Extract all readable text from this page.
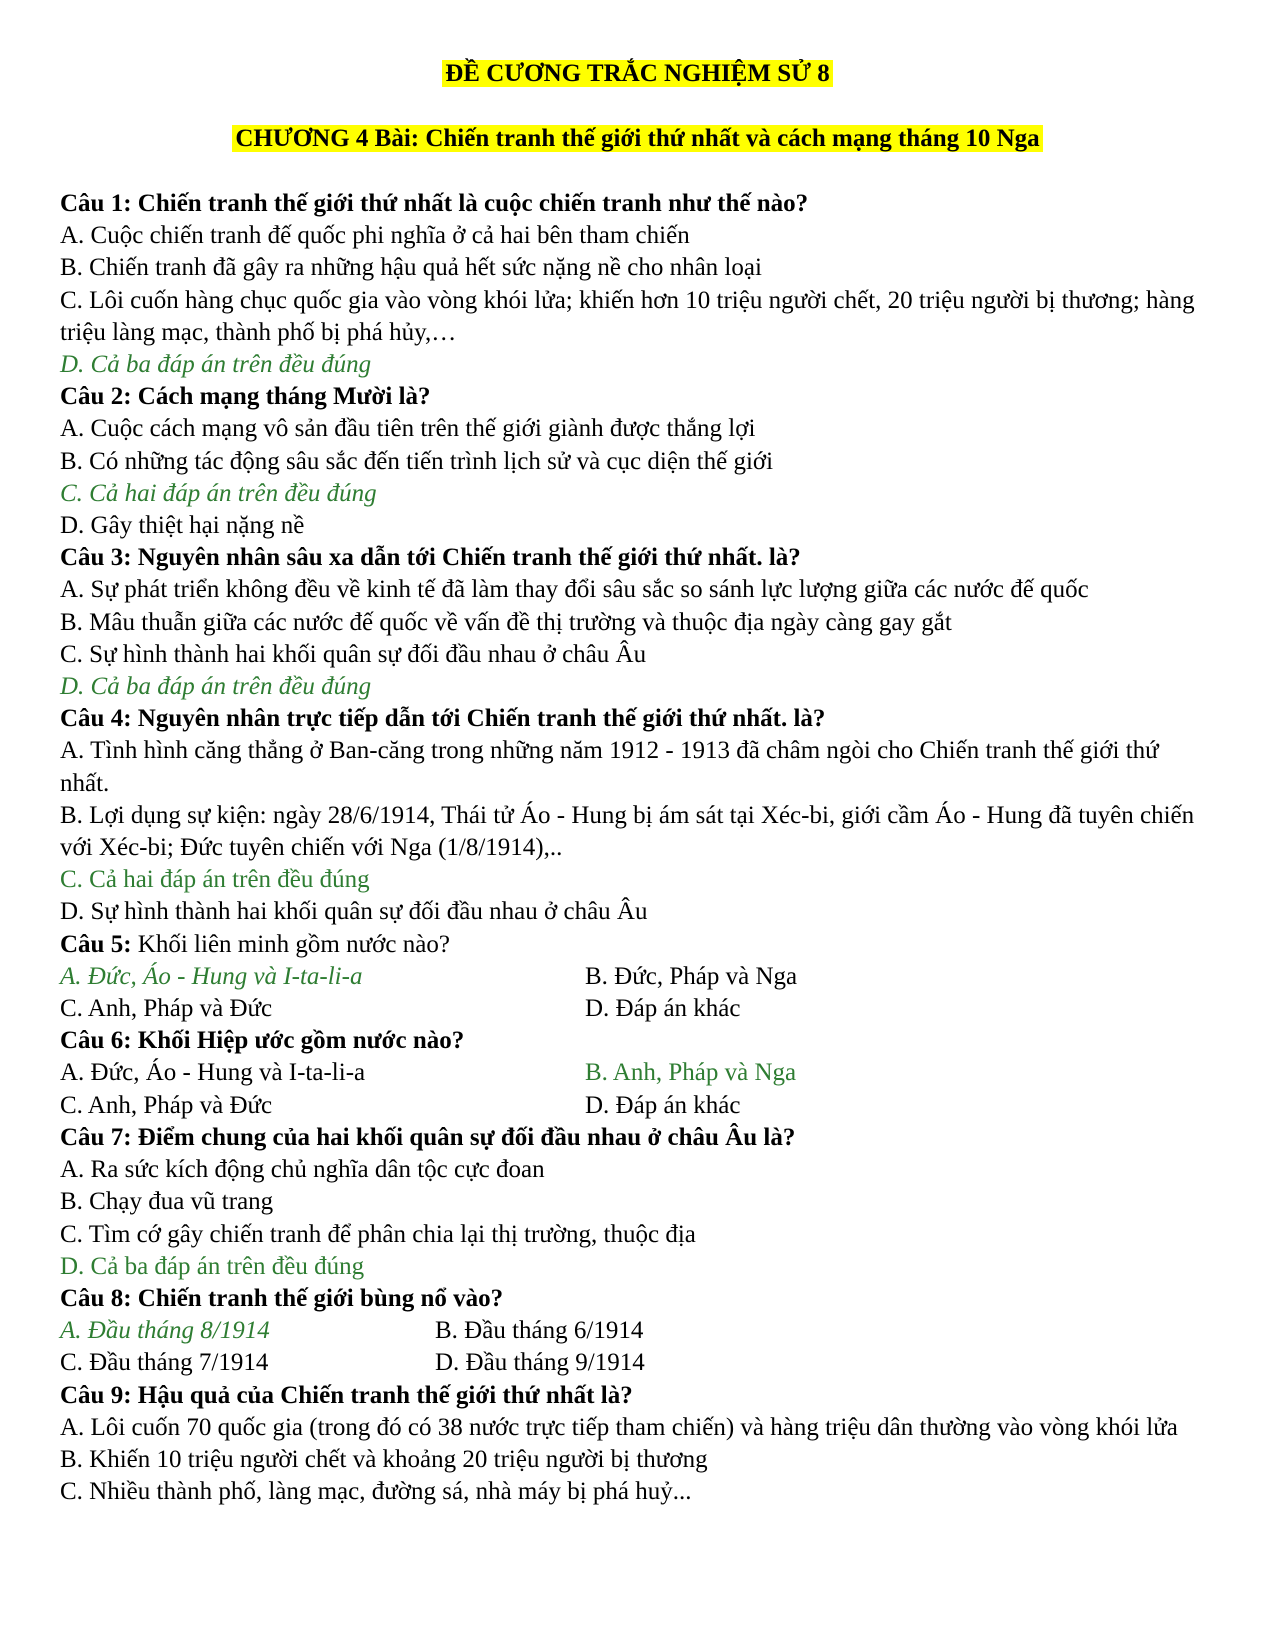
ĐỀ CƯƠNG TRẮC NGHIỆM SỬ 8
CHƯƠNG 4 Bài: Chiến tranh thế giới thứ nhất và cách mạng tháng 10 Nga

Câu 1: Chiến tranh thế giới thứ nhất là cuộc chiến tranh như thế nào?

A. Cuộc chiến tranh đế quốc phi nghĩa ở cả hai bên tham chiến

B. Chiến tranh đã gây ra những hậu quả hết sức nặng nề cho nhân loại

C. Lôi cuốn hàng chục quốc gia vào vòng khói lửa; khiến hơn 10 triệu người chết, 20 triệu người bị thương; hàng triệu làng mạc, thành phố bị phá hủy,…

D. Cả ba đáp án trên đều đúng

Câu 2: Cách mạng tháng Mười là?

A. Cuộc cách mạng vô sản đầu tiên trên thế giới giành được thắng lợi

B. Có những tác động sâu sắc đến tiến trình lịch sử và cục diện thế giới

C. Cả hai đáp án trên đều đúng

D. Gây thiệt hại nặng nề

Câu 3: Nguyên nhân sâu xa dẫn tới Chiến tranh thế giới thứ nhất. là?

A. Sự phát triển không đều về kinh tế đã làm thay đổi sâu sắc so sánh lực lượng giữa các nước đế quốc

B. Mâu thuẫn giữa các nước đế quốc về vấn đề thị trường và thuộc địa ngày càng gay gắt

C. Sự hình thành hai khối quân sự đối đầu nhau ở châu Âu

D. Cả ba đáp án trên đều đúng

Câu 4: Nguyên nhân trực tiếp dẫn tới Chiến tranh thế giới thứ nhất. là?

A. Tình hình căng thẳng ở Ban-căng trong những năm 1912 - 1913 đã châm ngòi cho Chiến tranh thế giới thứ nhất.

B. Lợi dụng sự kiện: ngày 28/6/1914, Thái tử Áo - Hung bị ám sát tại Xéc-bi, giới cầm Áo - Hung đã tuyên chiến với Xéc-bi; Đức tuyên chiến với Nga (1/8/1914),..

C. Cả hai đáp án trên đều đúng

D. Sự hình thành hai khối quân sự đối đầu nhau ở châu Âu

Câu 5: Khối liên minh gồm nước nào?

A. Đức, Áo - Hung và I-ta-li-a	B. Đức, Pháp và Nga
C. Anh, Pháp và Đức	D. Đáp án khác

Câu 6: Khối Hiệp ước gồm nước nào?

A. Đức, Áo - Hung và I-ta-li-a	B. Anh, Pháp và Nga
C. Anh, Pháp và Đức	D. Đáp án khác

Câu 7: Điểm chung của hai khối quân sự đối đầu nhau ở châu Âu là?

A. Ra sức kích động chủ nghĩa dân tộc cực đoan

B. Chạy đua vũ trang

C. Tìm cớ gây chiến tranh để phân chia lại thị trường, thuộc địa

D. Cả ba đáp án trên đều đúng

Câu 8: Chiến tranh thế giới bùng nổ vào?

A. Đầu tháng 8/1914	B. Đầu tháng 6/1914
C. Đầu tháng 7/1914	D. Đầu tháng 9/1914

Câu 9: Hậu quả của Chiến tranh thế giới thứ nhất là?

A. Lôi cuốn 70 quốc gia (trong đó có 38 nước trực tiếp tham chiến) và hàng triệu dân thường vào vòng khói lửa

B. Khiến 10 triệu người chết và khoảng 20 triệu người bị thương

C. Nhiều thành phố, làng mạc, đường sá, nhà máy bị phá huỷ...
